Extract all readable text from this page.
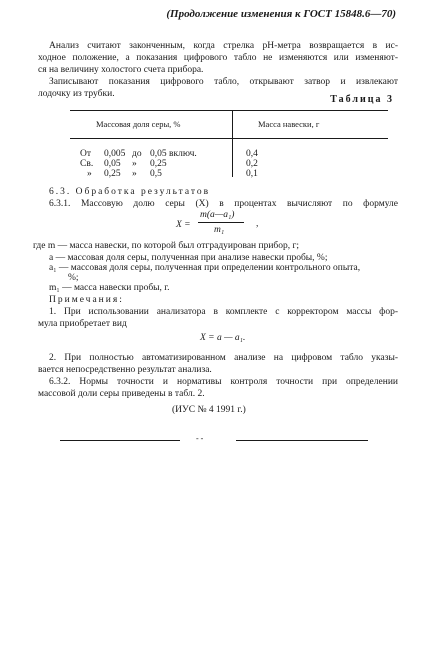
(Продолжение изменения к ГОСТ 15848.6—70)
Анализ считают законченным, когда стрелка pH-метра возвращается в ис-
ходное положение, а показания цифрового табло не изменяются или изменяют-
ся на величину холостого счета прибора.
Записывают показания цифрового табло, открывают затвор и извлекают
лодочку из трубки.	Таблица 3
Массовая доля серы, %	Масса навески, г
От 0,005 до 0,05 включ.	0,4
Св. 0,05 » 0,25	0,2
» 0,25 » 0,5	0,1
6.3. Обработка результатов
6.3.1. Массовую долю серы (X) в процентах вычисляют по формуле
X =
m(a—a₁)
m₁
,
где m — масса навески, по которой был отградуирован прибор, г;
a — массовая доля серы, полученная при анализе навески пробы, %;
a₁ — массовая доля серы, полученная при определении контрольного опыта,
%;
m₁ — масса навески пробы, г.
Примечания:
1. При использовании анализатора в комплекте с корректором массы фор-
мула приобретает вид
X = a — a₁.
2. При полностью автоматизированном анализе на цифровом табло указы-
вается непосредственно результат анализа.
6.3.2. Нормы точности и нормативы контроля точности при определении
массовой доли серы приведены в табл. 2.
(ИУС № 4 1991 г.)
- -
